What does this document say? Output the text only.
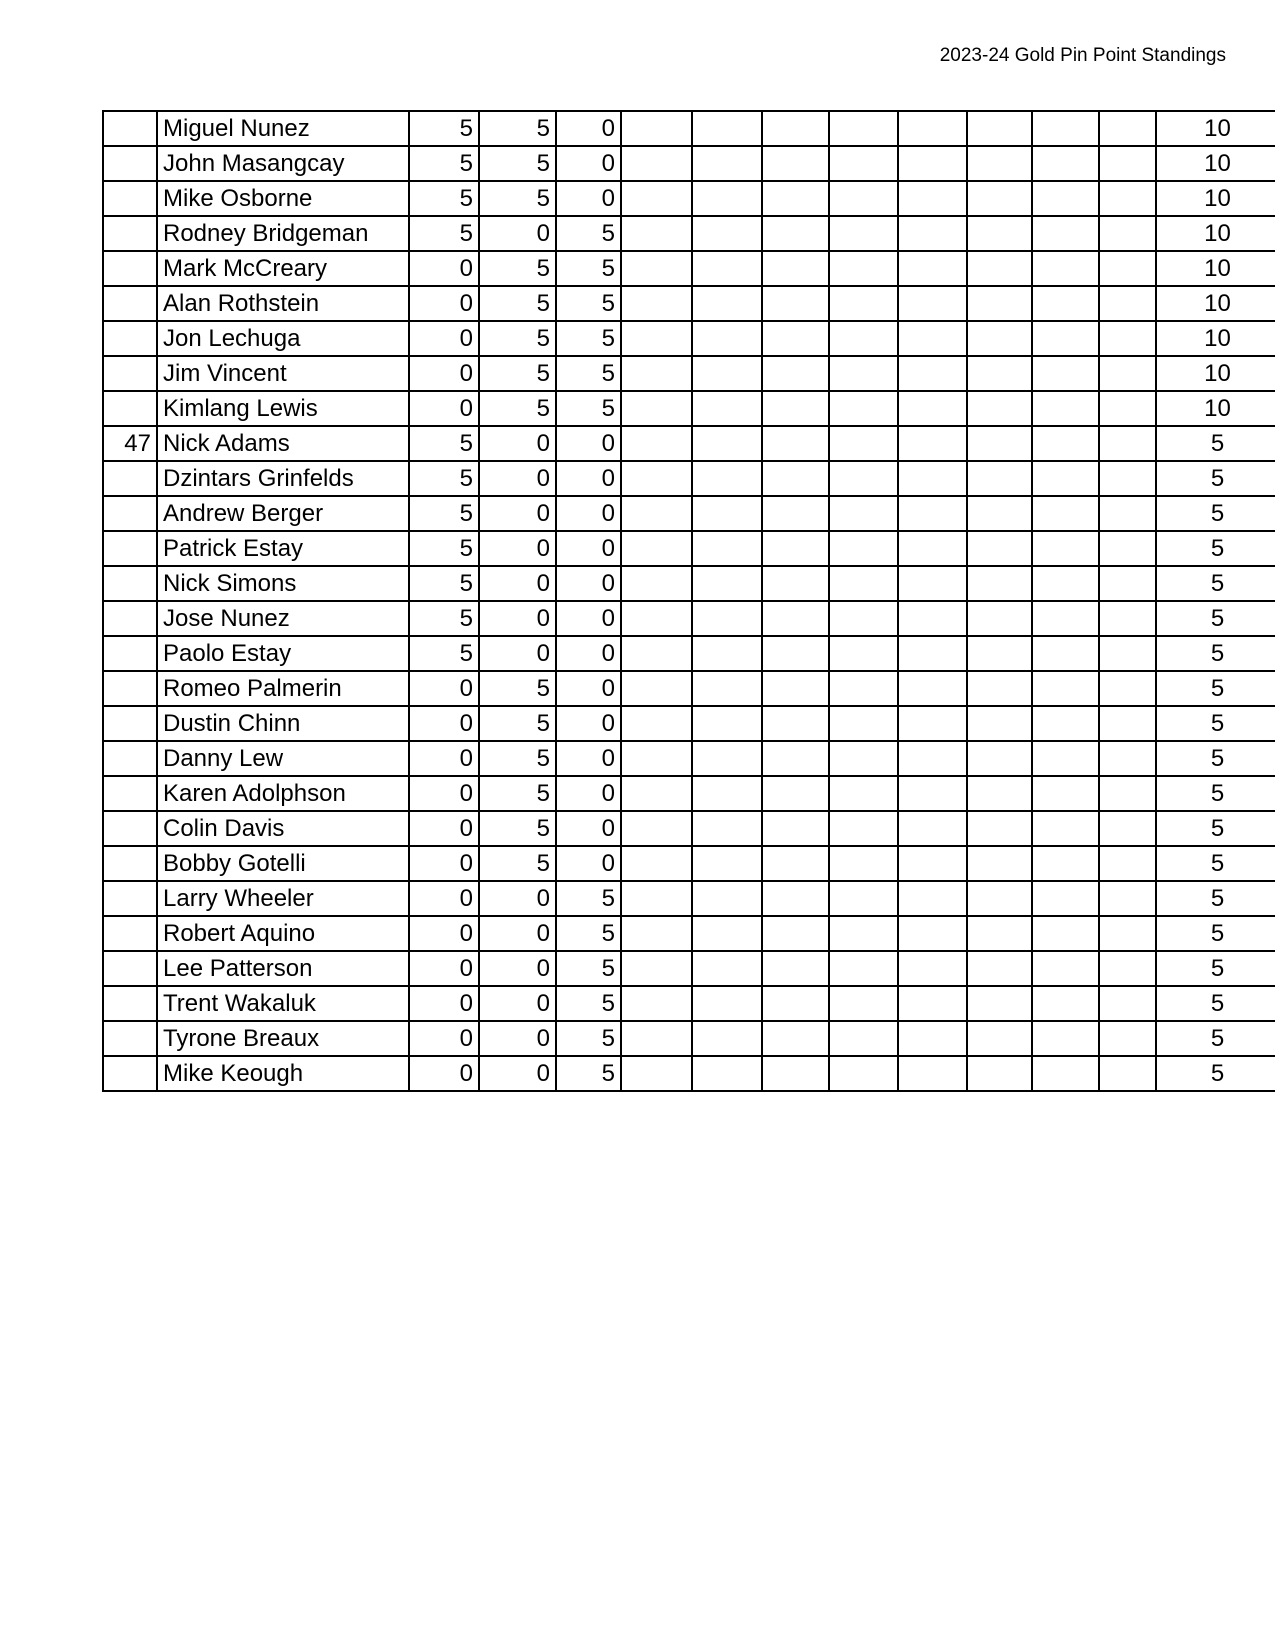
2023-24 Gold Pin Point Standings
	Miguel Nunez	5	5	0									10
	John Masangcay	5	5	0									10
	Mike Osborne	5	5	0									10
	Rodney Bridgeman	5	0	5									10
	Mark McCreary	0	5	5									10
	Alan Rothstein	0	5	5									10
	Jon Lechuga	0	5	5									10
	Jim Vincent	0	5	5									10
	Kimlang Lewis	0	5	5									10
47	Nick Adams	5	0	0									5
	Dzintars Grinfelds	5	0	0									5
	Andrew Berger	5	0	0									5
	Patrick Estay	5	0	0									5
	Nick Simons	5	0	0									5
	Jose Nunez	5	0	0									5
	Paolo Estay	5	0	0									5
	Romeo Palmerin	0	5	0									5
	Dustin Chinn	0	5	0									5
	Danny Lew	0	5	0									5
	Karen Adolphson	0	5	0									5
	Colin Davis	0	5	0									5
	Bobby Gotelli	0	5	0									5
	Larry Wheeler	0	0	5									5
	Robert Aquino	0	0	5									5
	Lee Patterson	0	0	5									5
	Trent Wakaluk	0	0	5									5
	Tyrone Breaux	0	0	5									5
	Mike Keough	0	0	5									5
